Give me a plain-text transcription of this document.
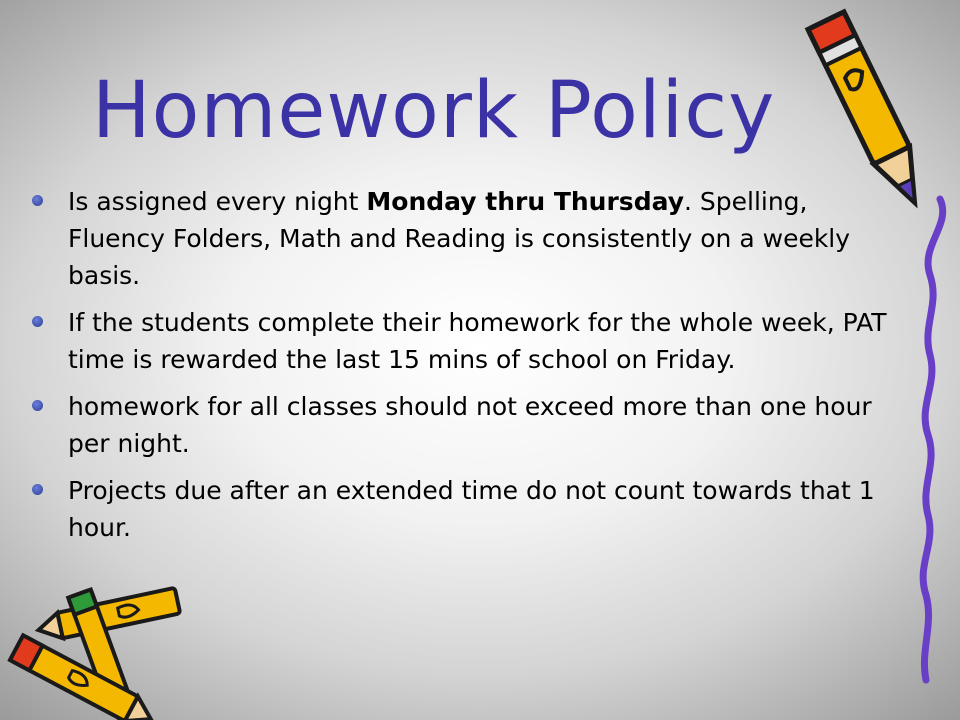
Homework Policy
Is assigned every night Monday thru Thursday. Spelling, Fluency Folders, Math and Reading is consistently on a weekly basis.
If the students complete their homework for the whole week, PAT time is rewarded the last 15 mins of school on Friday.
homework for all classes should not exceed more than one hour per night.
Projects due after an extended time do not count towards that 1 hour.
